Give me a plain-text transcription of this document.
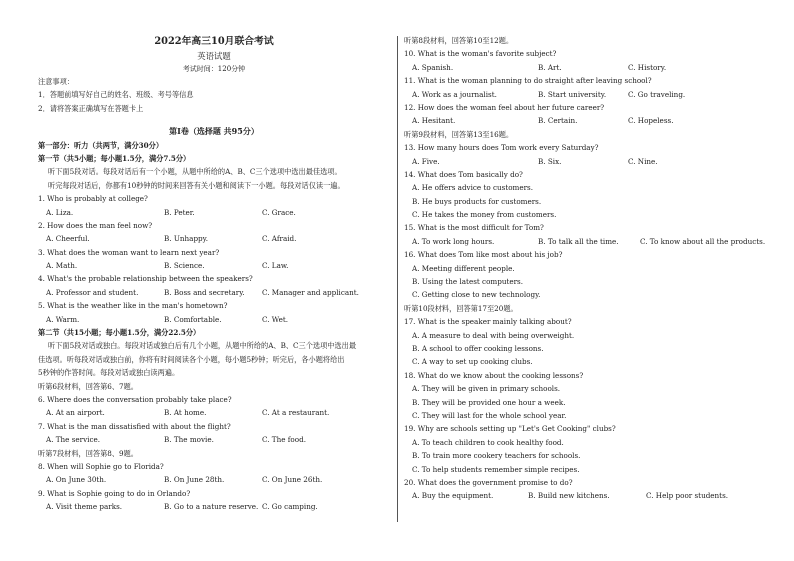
2022年高三10月联合考试
英语试题
考试时间：120分钟
注意事项：
1．答题前填写好自己的姓名、班级、考号等信息
2．请将答案正确填写在答题卡上
第I卷（选择题 共95分）
第一部分：听力（共两节，满分30分）
第一节（共5小题；每小题1.5分，满分7.5分）
听下面5段对话。每段对话后有一个小题，从题中所给的A、B、C三个选项中选出最佳选项。
听完每段对话后，你都有10秒钟的时间来回答有关小题和阅读下一小题。每段对话仅读一遍。
1. Who is probably at college?
A. Liza.	B. Peter.	C. Grace.
2. How does the man feel now?
A. Cheerful.	B. Unhappy.	C. Afraid.
3. What does the woman want to learn next year?
A. Math.	B. Science.	C. Law.
4. What's the probable relationship between the speakers?
A. Professor and student.	B. Boss and secretary. C. Manager and applicant.
5. What is the weather like in the man's hometown?
A. Warm.	B. Comfortable.	C. Wet.
第二节（共15小题；每小题1.5分，满分22.5分）
听下面5段对话或独白。每段对话或独白后有几个小题，从题中所给的A、B、C三个选项中选出最
佳选项。听每段对话或独白前，你将有时间阅读各个小题，每小题5秒钟；听完后，各小题将给出
5秒钟的作答时间。每段对话或独白读两遍。
听第6段材料，回答第6、7题。
6. Where does the conversation probably take place?
A. At an airport.	B. At home.	C. At a restaurant.
7. What is the man dissatisfied with about the flight?
A. The service.	B. The movie.	C. The food.
听第7段材料，回答第8、9题。
8. When will Sophie go to Florida?
A. On June 30th.	B. On June 28th.	C. On June 26th.
9. What is Sophie going to do in Orlando?
A. Visit theme parks.	B. Go to a nature reserve. C. Go camping.
听第8段材料，回答第10至12题。
10. What is the woman's favorite subject?
A. Spanish.	B. Art.	C. History.
11. What is the woman planning to do straight after leaving school?
A. Work as a journalist.	B. Start university.	C. Go traveling.
12. How does the woman feel about her future career?
A. Hesitant.	B. Certain.	C. Hopeless.
听第9段材料，回答第13至16题。
13. How many hours does Tom work every Saturday?
A. Five.	B. Six.	C. Nine.
14. What does Tom basically do?
A. He offers advice to customers.
B. He buys products for customers.
C. He takes the money from customers.
15. What is the most difficult for Tom?
A. To work long hours.	B. To talk all the time.	C. To know about all the products.
16. What does Tom like most about his job?
A. Meeting different people.
B. Using the latest computers.
C. Getting close to new technology.
听第10段材料，回答第17至20题。
17. What is the speaker mainly talking about?
A. A measure to deal with being overweight.
B. A school to offer cooking lessons.
C. A way to set up cooking clubs.
18. What do we know about the cooking lessons?
A. They will be given in primary schools.
B. They will be provided one hour a week.
C. They will last for the whole school year.
19. Why are schools setting up "Let's Get Cooking" clubs?
A. To teach children to cook healthy food.
B. To train more cookery teachers for schools.
C. To help students remember simple recipes.
20. What does the government promise to do?
A. Buy the equipment.	B. Build new kitchens.	C. Help poor students.
